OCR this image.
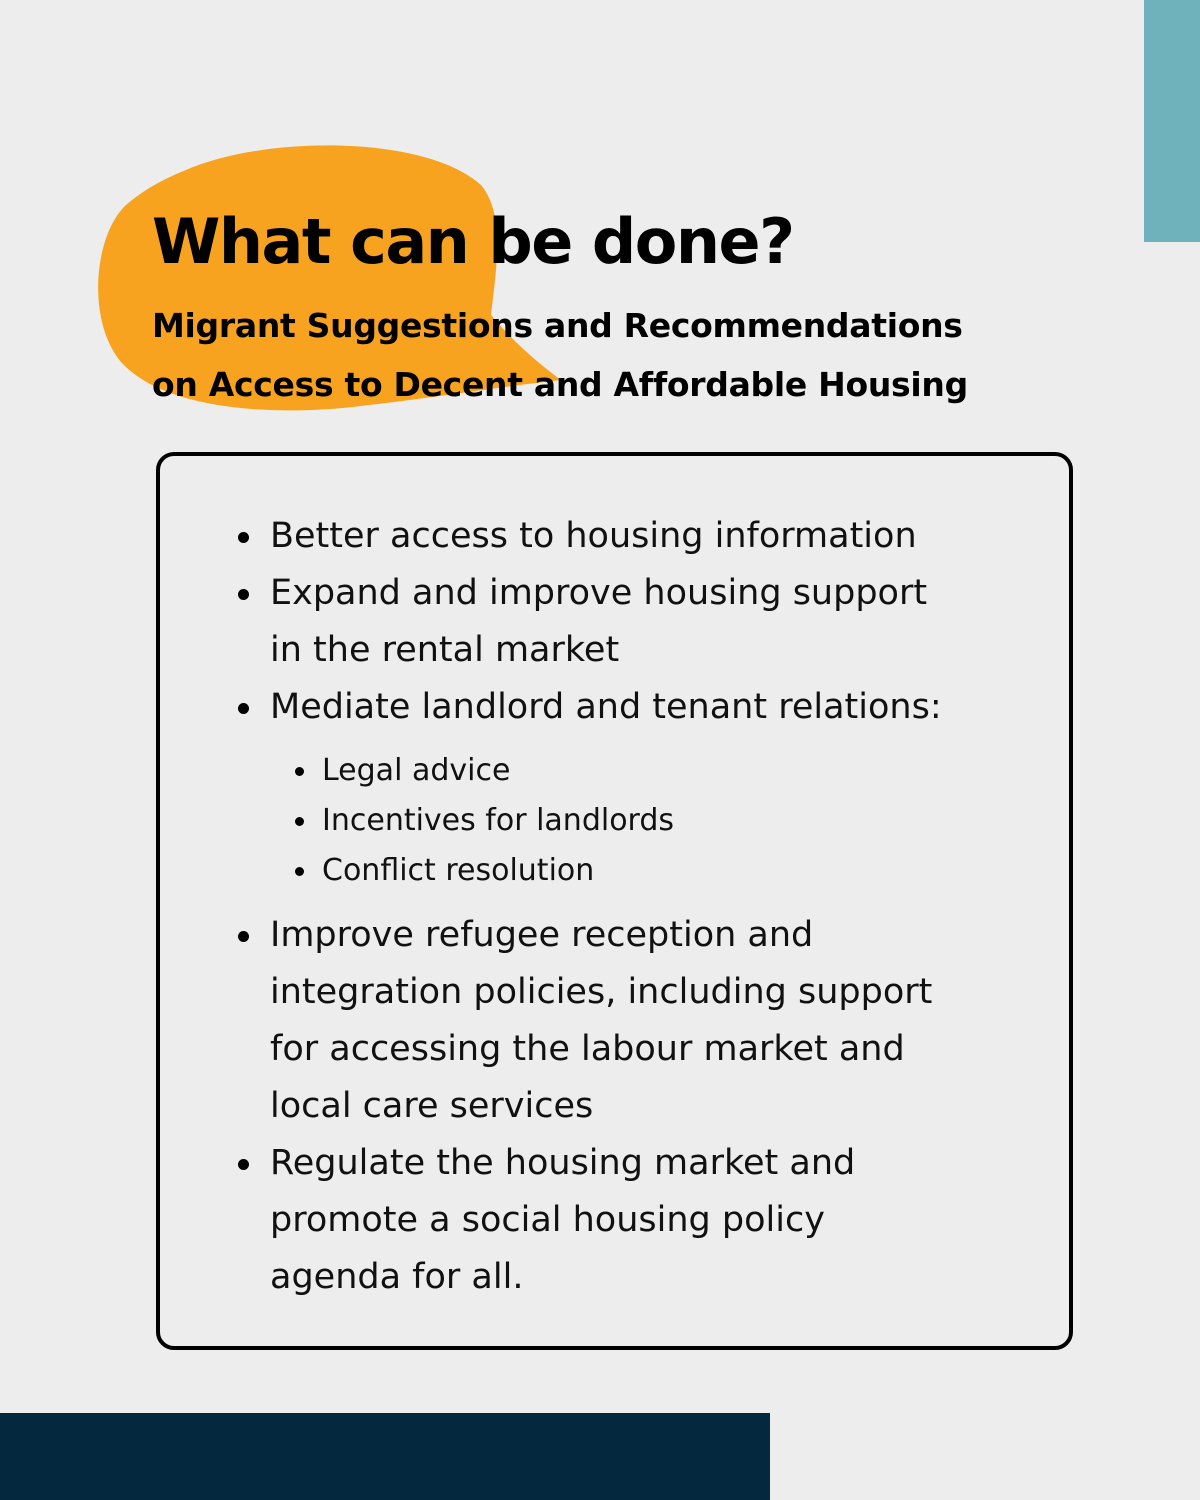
What can be done?
Migrant Suggestions and Recommendations
on Access to Decent and Affordable Housing
Better access to housing information
Expand and improve housing support
in the rental market
Mediate landlord and tenant relations:
Legal advice
Incentives for landlords
Conflict resolution
Improve refugee reception and
integration policies, including support
for accessing the labour market and
local care services
Regulate the housing market and
promote a social housing policy
agenda for all.
